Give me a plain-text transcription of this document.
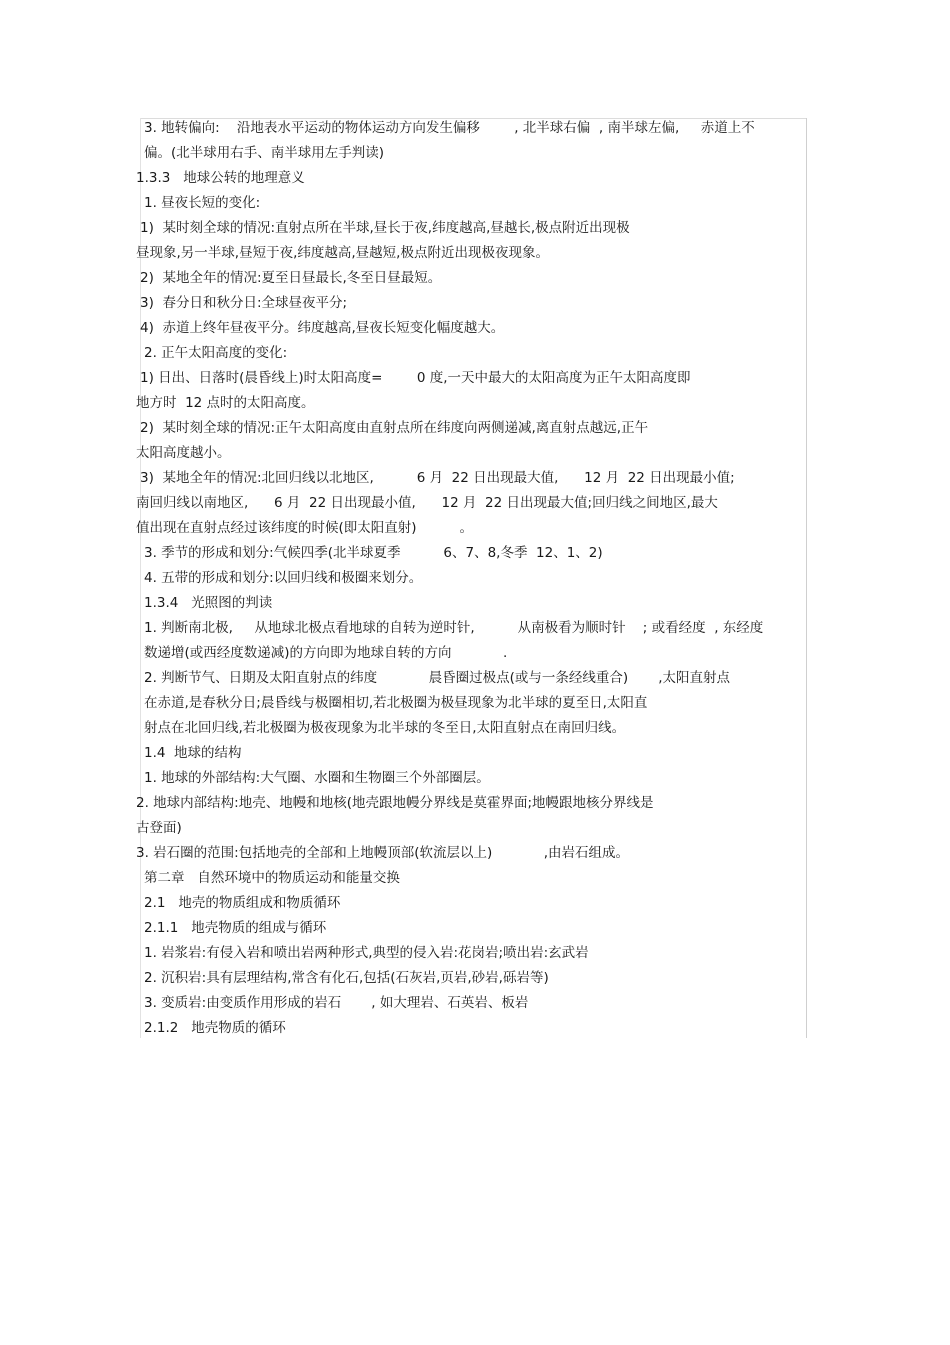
3. 地转偏向:    沿地表水平运动的物体运动方向发生偏移        , 北半球右偏  , 南半球左偏,     赤道上不
偏。(北半球用右手、南半球用左手判读)
1.3.3   地球公转的地理意义
1. 昼夜长短的变化:
1)  某时刻全球的情况:直射点所在半球,昼长于夜,纬度越高,昼越长,极点附近出现极
昼现象,另一半球,昼短于夜,纬度越高,昼越短,极点附近出现极夜现象。
2)  某地全年的情况:夏至日昼最长,冬至日昼最短。
3)  春分日和秋分日:全球昼夜平分;
4)  赤道上终年昼夜平分。纬度越高,昼夜长短变化幅度越大。
2. 正午太阳高度的变化:
1) 日出、日落时(晨昏线上)时太阳高度=        0 度,一天中最大的太阳高度为正午太阳高度即
地方时  12 点时的太阳高度。
2)  某时刻全球的情况:正午太阳高度由直射点所在纬度向两侧递减,离直射点越远,正午
太阳高度越小。
3)  某地全年的情况:北回归线以北地区,          6 月  22 日出现最大值,      12 月  22 日出现最小值;
南回归线以南地区,      6 月  22 日出现最小值,      12 月  22 日出现最大值;回归线之间地区,最大
值出现在直射点经过该纬度的时候(即太阳直射)          。
3. 季节的形成和划分:气候四季(北半球夏季          6、7、8,冬季  12、1、2)
4. 五带的形成和划分:以回归线和极圈来划分。
1.3.4   光照图的判读
1. 判断南北极,     从地球北极点看地球的自转为逆时针,          从南极看为顺时针    ; 或看经度  , 东经度
数递增(或西经度数递减)的方向即为地球自转的方向            .
2. 判断节气、日期及太阳直射点的纬度            晨昏圈过极点(或与一条经线重合)       ,太阳直射点
在赤道,是春秋分日;晨昏线与极圈相切,若北极圈为极昼现象为北半球的夏至日,太阳直
射点在北回归线,若北极圈为极夜现象为北半球的冬至日,太阳直射点在南回归线。
1.4  地球的结构
1. 地球的外部结构:大气圈、水圈和生物圈三个外部圈层。
2. 地球内部结构:地壳、地幔和地核(地壳跟地幔分界线是莫霍界面;地幔跟地核分界线是
古登面)
3. 岩石圈的范围:包括地壳的全部和上地幔顶部(软流层以上)            ,由岩石组成。
第二章   自然环境中的物质运动和能量交换
2.1   地壳的物质组成和物质循环
2.1.1   地壳物质的组成与循环
1. 岩浆岩:有侵入岩和喷出岩两种形式,典型的侵入岩:花岗岩;喷出岩:玄武岩
2. 沉积岩:具有层理结构,常含有化石,包括(石灰岩,页岩,砂岩,砾岩等)
3. 变质岩:由变质作用形成的岩石       , 如大理岩、石英岩、板岩
2.1.2   地壳物质的循环
